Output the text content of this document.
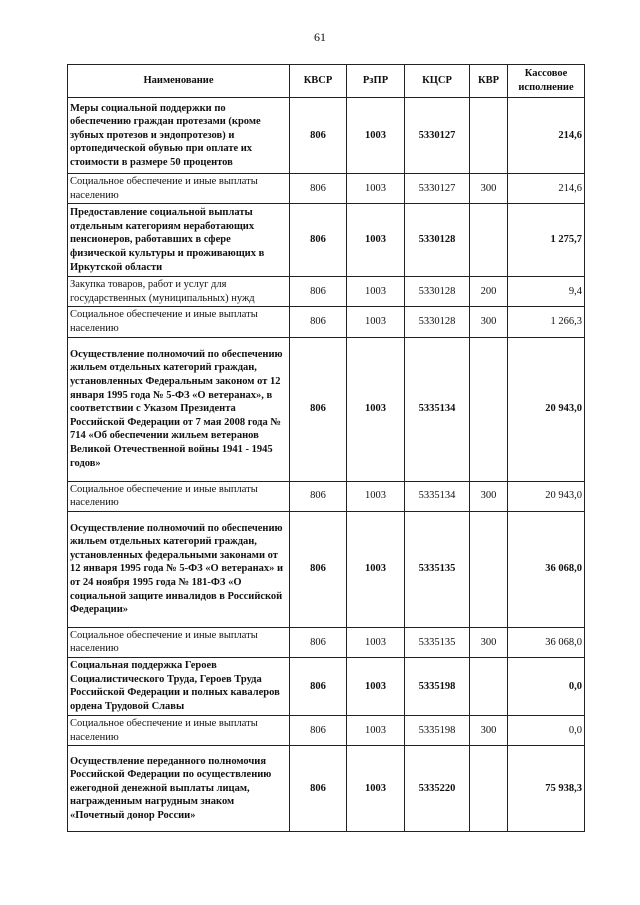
61
Наименование	КВСР	РзПР	КЦСР	КВР	Кассовое исполнение
Меры социальной поддержки по обеспечению граждан протезами (кроме зубных протезов и эндопротезов) и ортопедической обувью при оплате их стоимости в размере 50 процентов	806	1003	5330127		214,6
Социальное обеспечение и иные выплаты населению	806	1003	5330127	300	214,6
Предоставление социальной выплаты отдельным категориям неработающих пенсионеров, работавших в сфере физической культуры и проживающих в Иркутской области	806	1003	5330128		1 275,7
Закупка товаров, работ и услуг для государственных (муниципальных) нужд	806	1003	5330128	200	9,4
Социальное обеспечение и иные выплаты населению	806	1003	5330128	300	1 266,3
Осуществление полномочий по обеспечению жильем отдельных категорий граждан, установленных Федеральным законом от 12 января 1995 года № 5-ФЗ «О ветеранах», в соответствии с Указом Президента Российской Федерации от 7 мая 2008 года № 714 «Об обеспечении жильем ветеранов Великой Отечественной войны 1941 - 1945 годов»	806	1003	5335134		20 943,0
Социальное обеспечение и иные выплаты населению	806	1003	5335134	300	20 943,0
Осуществление полномочий по обеспечению жильем отдельных категорий граждан, установленных федеральными законами от 12 января 1995 года № 5-ФЗ «О ветеранах» и от 24 ноября 1995 года № 181-ФЗ «О социальной защите инвалидов в Российской Федерации»	806	1003	5335135		36 068,0
Социальное обеспечение и иные выплаты населению	806	1003	5335135	300	36 068,0
Социальная поддержка Героев Социалистического Труда, Героев Труда Российской Федерации и полных кавалеров ордена Трудовой Славы	806	1003	5335198		0,0
Социальное обеспечение и иные выплаты населению	806	1003	5335198	300	0,0
Осуществление переданного полномочия Российской Федерации по осуществлению ежегодной денежной выплаты лицам, награжденным нагрудным знаком «Почетный донор России»	806	1003	5335220		75 938,3
